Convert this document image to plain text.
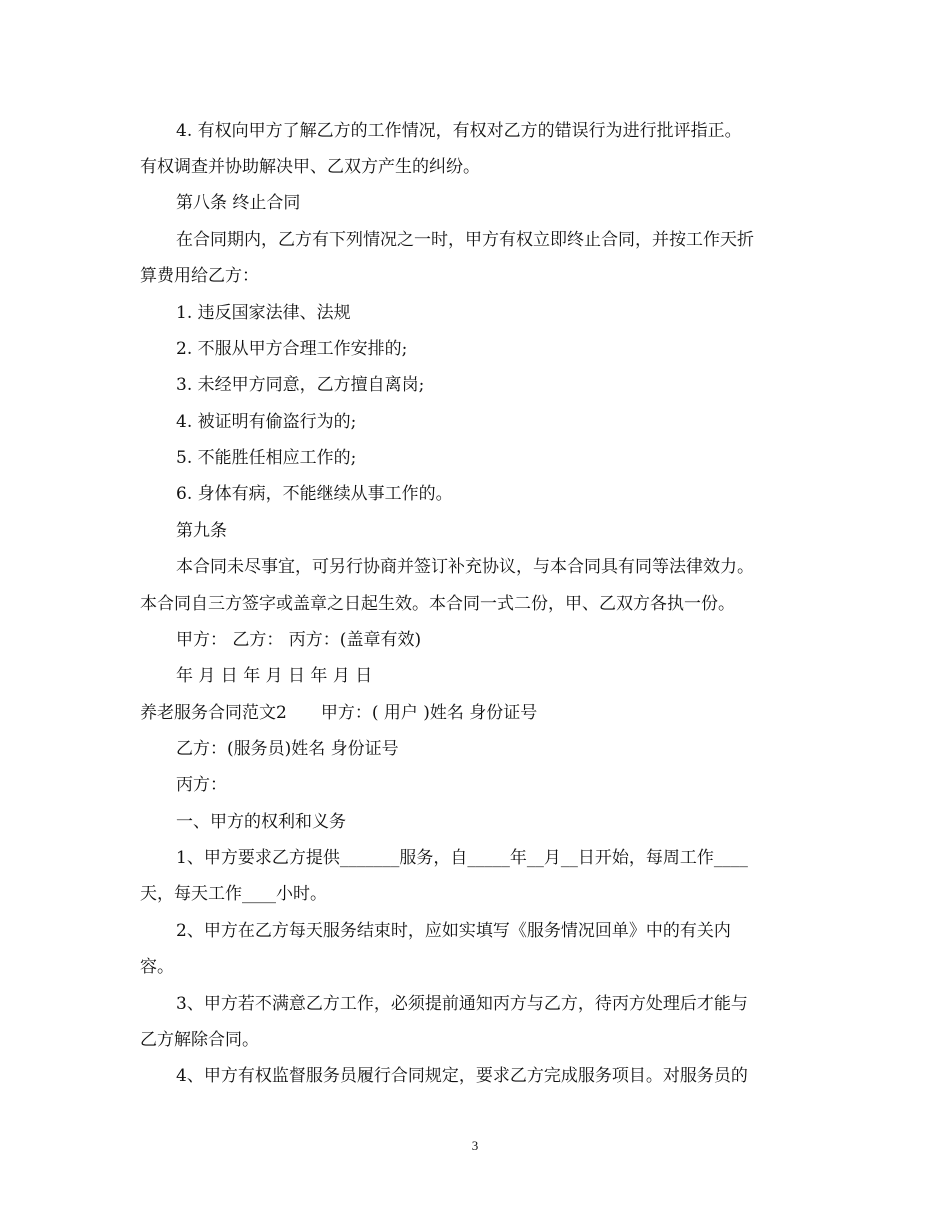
4. 有权向甲方了解乙方的工作情况，有权对乙方的错误行为进行批评指正。
有权调查并协助解决甲、乙双方产生的纠纷。
第八条 终止合同
在合同期内，乙方有下列情况之一时，甲方有权立即终止合同，并按工作天折
算费用给乙方：
1. 违反国家法律、法规
2. 不服从甲方合理工作安排的;
3. 未经甲方同意，乙方擅自离岗;
4. 被证明有偷盗行为的;
5. 不能胜任相应工作的;
6. 身体有病，不能继续从事工作的。
第九条
本合同未尽事宜，可另行协商并签订补充协议，与本合同具有同等法律效力。
本合同自三方签字或盖章之日起生效。本合同一式二份，甲、乙双方各执一份。
甲方： 乙方： 丙方：(盖章有效)
年 月 日 年 月 日 年 月 日
养老服务合同范文2　　甲方：( 用户 )姓名 身份证号
乙方：(服务员)姓名 身份证号
丙方：
一、甲方的权利和义务
1、甲方要求乙方提供_______服务，自_____年__月__日开始，每周工作____
天，每天工作____小时。
2、甲方在乙方每天服务结束时，应如实填写《服务情况回单》中的有关内
容。
3、甲方若不满意乙方工作，必须提前通知丙方与乙方，待丙方处理后才能与
乙方解除合同。
4、甲方有权监督服务员履行合同规定，要求乙方完成服务项目。对服务员的
3
